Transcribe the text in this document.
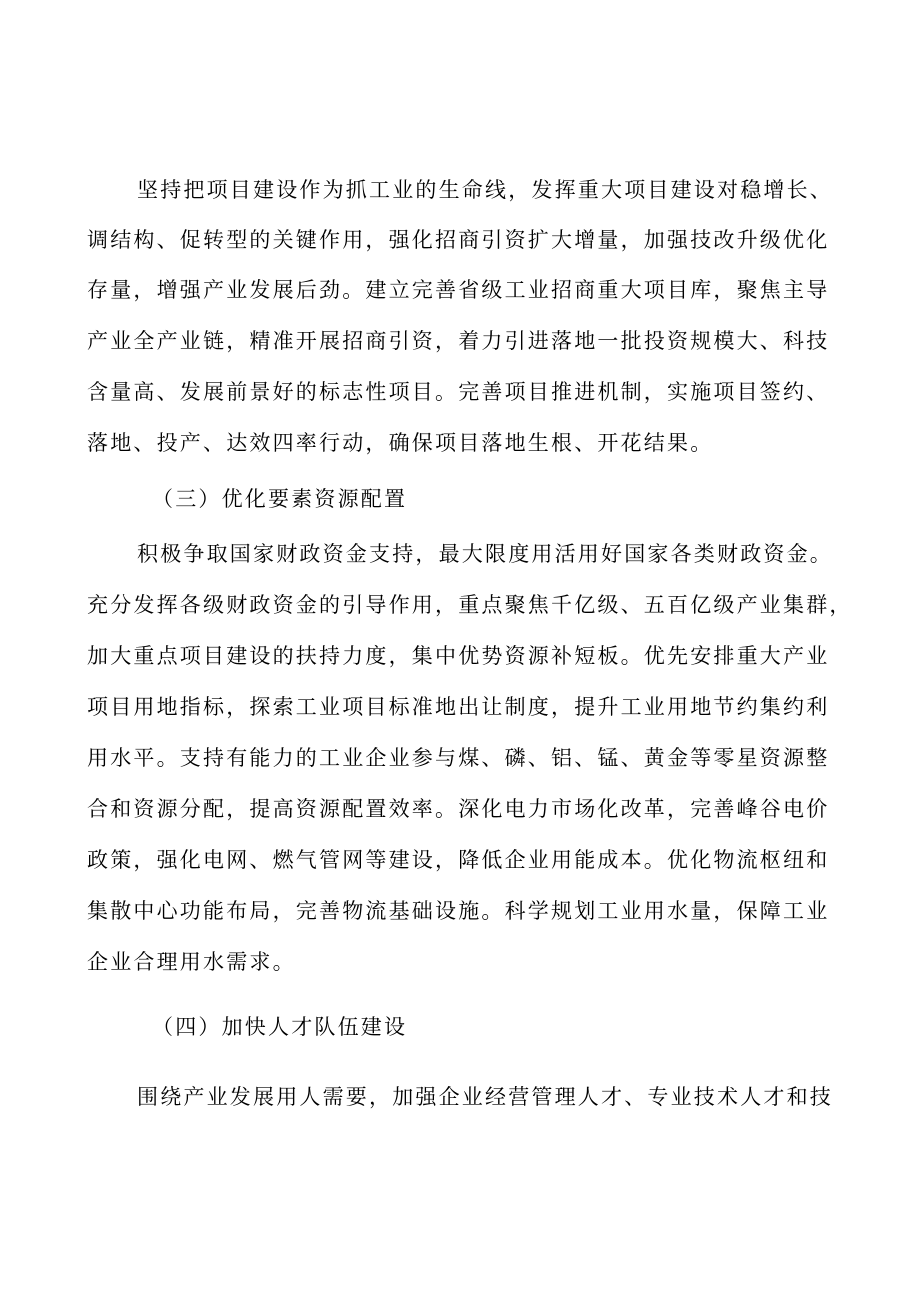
坚持把项目建设作为抓工业的生命线，发挥重大项目建设对稳增长、
调结构、促转型的关键作用，强化招商引资扩大增量，加强技改升级优化
存量，增强产业发展后劲。建立完善省级工业招商重大项目库，聚焦主导
产业全产业链，精准开展招商引资，着力引进落地一批投资规模大、科技
含量高、发展前景好的标志性项目。完善项目推进机制，实施项目签约、
落地、投产、达效四率行动，确保项目落地生根、开花结果。
（三）优化要素资源配置
积极争取国家财政资金支持，最大限度用活用好国家各类财政资金。
充分发挥各级财政资金的引导作用，重点聚焦千亿级、五百亿级产业集群，
加大重点项目建设的扶持力度，集中优势资源补短板。优先安排重大产业
项目用地指标，探索工业项目标准地出让制度，提升工业用地节约集约利
用水平。支持有能力的工业企业参与煤、磷、铝、锰、黄金等零星资源整
合和资源分配，提高资源配置效率。深化电力市场化改革，完善峰谷电价
政策，强化电网、燃气管网等建设，降低企业用能成本。优化物流枢纽和
集散中心功能布局，完善物流基础设施。科学规划工业用水量，保障工业
企业合理用水需求。
（四）加快人才队伍建设
围绕产业发展用人需要，加强企业经营管理人才、专业技术人才和技
